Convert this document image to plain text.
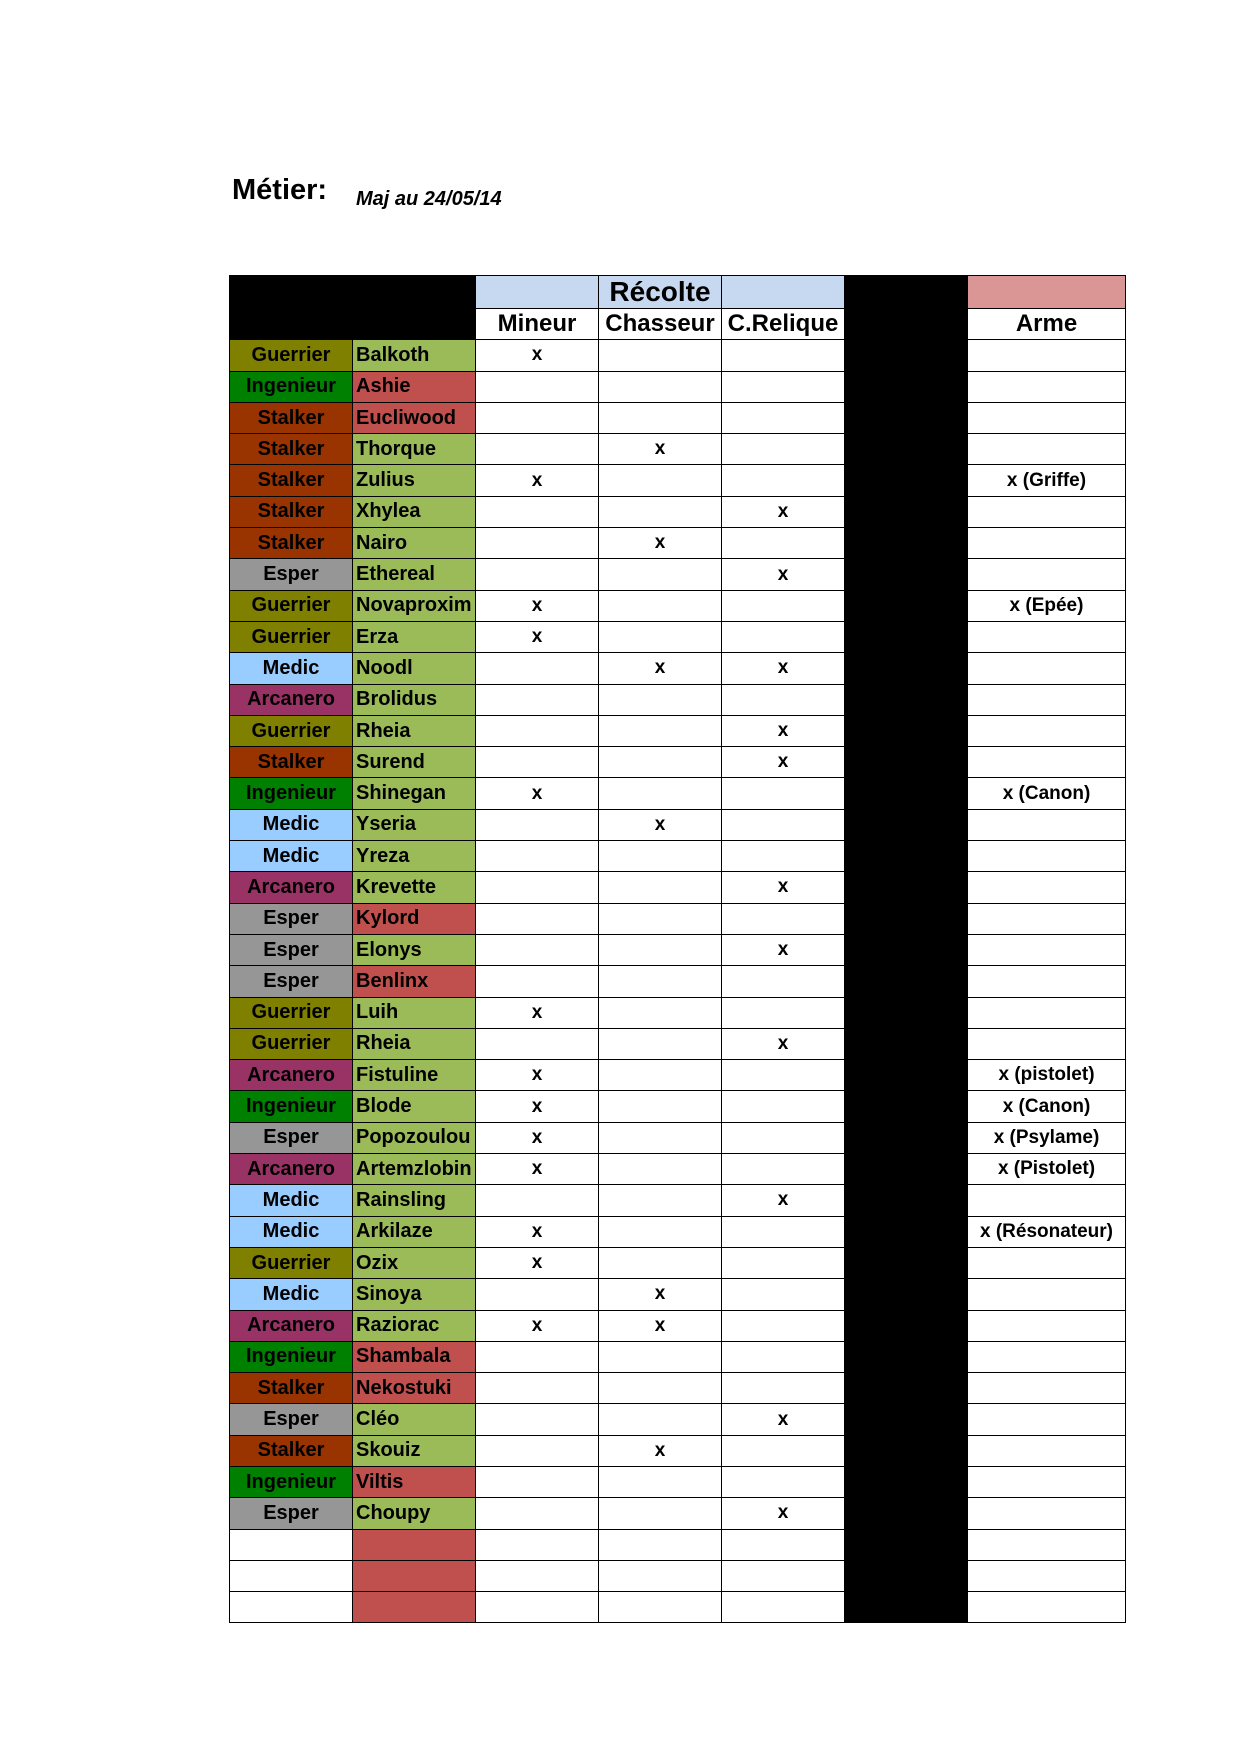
Métier: Maj au 24/05/14
			Récolte			
		Mineur	Chasseur	C.Relique		Arme
Guerrier	Balkoth	x				
Ingenieur	Ashie					
Stalker	Eucliwood					
Stalker	Thorque		x			
Stalker	Zulius	x				x (Griffe)
Stalker	Xhylea			x		
Stalker	Nairo		x			
Esper	Ethereal			x		
Guerrier	Novaproxim	x				x (Epée)
Guerrier	Erza	x				
Medic	Noodl		x	x		
Arcanero	Brolidus					
Guerrier	Rheia			x		
Stalker	Surend			x		
Ingenieur	Shinegan	x				x (Canon)
Medic	Yseria		x			
Medic	Yreza					
Arcanero	Krevette			x		
Esper	Kylord					
Esper	Elonys			x		
Esper	Benlinx					
Guerrier	Luih	x				
Guerrier	Rheia			x		
Arcanero	Fistuline	x				x (pistolet)
Ingenieur	Blode	x				x (Canon)
Esper	Popozoulou	x				x (Psylame)
Arcanero	Artemzlobin	x				x (Pistolet)
Medic	Rainsling			x		
Medic	Arkilaze	x				x (Résonateur)
Guerrier	Ozix	x				
Medic	Sinoya		x			
Arcanero	Raziorac	x	x			
Ingenieur	Shambala					
Stalker	Nekostuki					
Esper	Cléo			x		
Stalker	Skouiz		x			
Ingenieur	Viltis					
Esper	Choupy			x		
